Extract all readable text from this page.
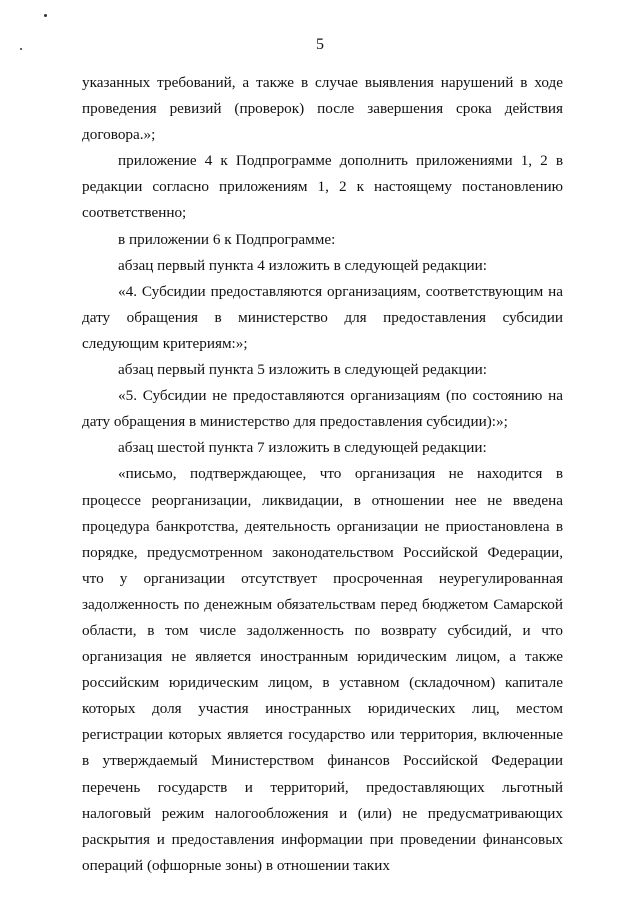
5

указанных требований, а также в случае выявления нарушений в ходе проведения ревизий (проверок) после завершения срока действия договора.»;

приложение 4 к Подпрограмме дополнить приложениями 1, 2 в редакции согласно приложениям 1, 2 к настоящему постановлению соответственно;

в приложении 6 к Подпрограмме:

абзац первый пункта 4 изложить в следующей редакции:

«4. Субсидии предоставляются организациям, соответствующим на дату обращения в министерство для предоставления субсидии следующим критериям:»;

абзац первый пункта 5 изложить в следующей редакции:

«5. Субсидии не предоставляются организациям (по состоянию на дату обращения в министерство для предоставления субсидии):»;

абзац шестой пункта 7 изложить в следующей редакции:

«письмо, подтверждающее, что организация не находится в процессе реорганизации, ликвидации, в отношении нее не введена процедура банкротства, деятельность организации не приостановлена в порядке, предусмотренном законодательством Российской Федерации, что у организации отсутствует просроченная неурегулированная задолженность по денежным обязательствам перед бюджетом Самарской области, в том числе задолженность по возврату субсидий, и что организация не является иностранным юридическим лицом, а также российским юридическим лицом, в уставном (складочном) капитале которых доля участия иностранных юридических лиц, местом регистрации которых является государство или территория, включенные в утверждаемый Министерством финансов Российской Федерации перечень государств и территорий, предоставляющих льготный налоговый режим налогообложения и (или) не предусматривающих раскрытия и предоставления информации при проведении финансовых операций (офшорные зоны) в отношении таких
